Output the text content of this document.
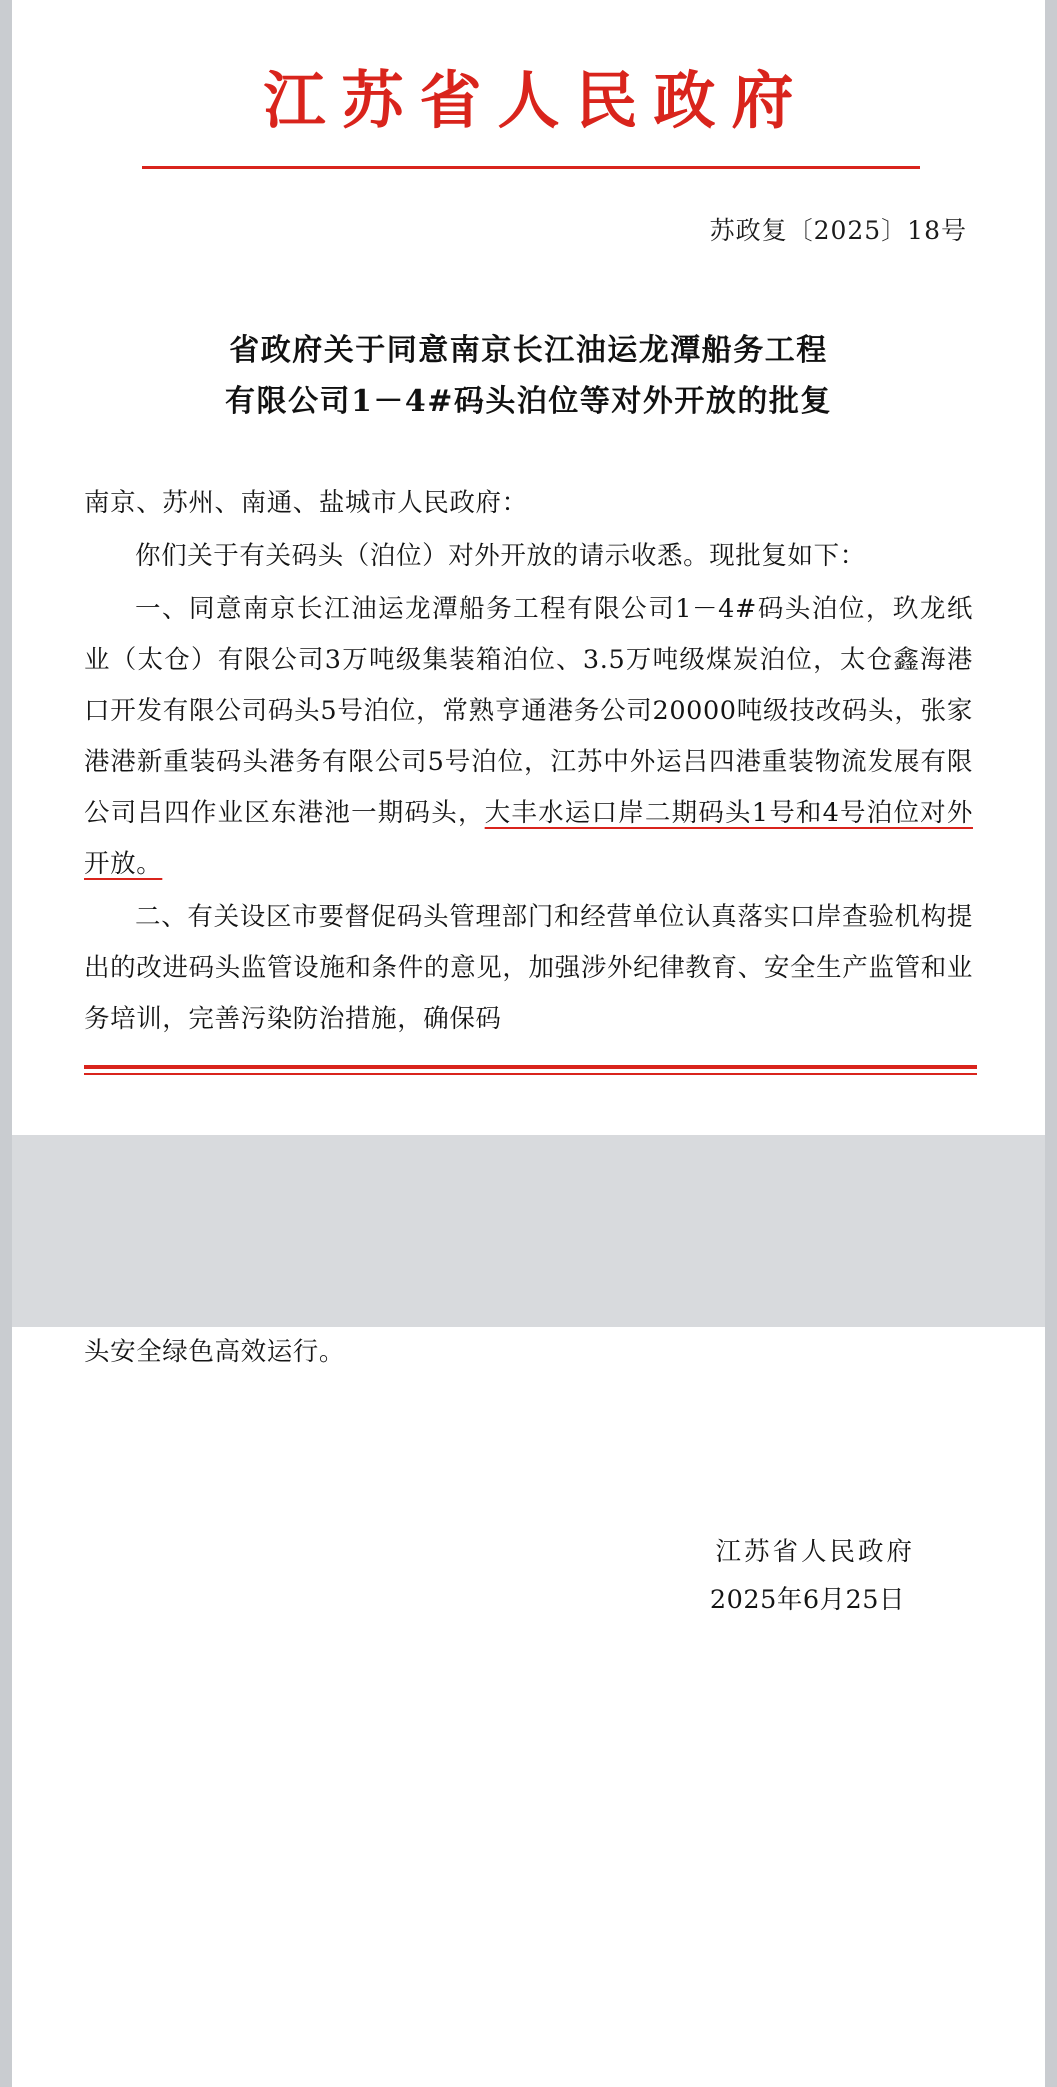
江苏省人民政府
苏政复〔2025〕18号
省政府关于同意南京长江油运龙潭船务工程
有限公司1－4#码头泊位等对外开放的批复

南京、苏州、南通、盐城市人民政府：

你们关于有关码头（泊位）对外开放的请示收悉。现批复如下：

一、同意南京长江油运龙潭船务工程有限公司1－4#码头泊位，玖龙纸业（太仓）有限公司3万吨级集装箱泊位、3.5万吨级煤炭泊位，太仓鑫海港口开发有限公司码头5号泊位，常熟亨通港务公司20000吨级技改码头，张家港港新重装码头港务有限公司5号泊位，江苏中外运吕四港重装物流发展有限公司吕四作业区东港池一期码头，大丰水运口岸二期码头1号和4号泊位对外开放。

二、有关设区市要督促码头管理部门和经营单位认真落实口岸查验机构提出的改进码头监管设施和条件的意见，加强涉外纪律教育、安全生产监管和业务培训，完善污染防治措施，确保码

头安全绿色高效运行。

江苏省人民政府
2025年6月25日
